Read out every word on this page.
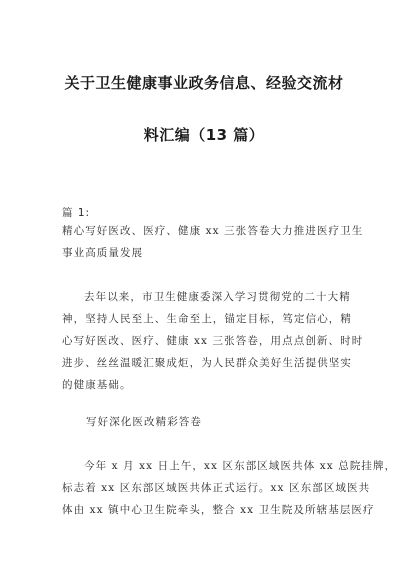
关于卫生健康事业政务信息、经验交流材
料汇编（13 篇）
篇 1:
精心写好医改、医疗、健康 xx 三张答卷大力推进医疗卫生
事业高质量发展
去年以来，市卫生健康委深入学习贯彻党的二十大精
神，坚持人民至上、生命至上，锚定目标，笃定信心，精
心写好医改、医疗、健康 xx 三张答卷，用点点创新、时时
进步、丝丝温暖汇聚成炬，为人民群众美好生活提供坚实
的健康基础。
写好深化医改精彩答卷
今年 x 月 xx 日上午，xx 区东部区域医共体 xx 总院挂牌，
标志着 xx 区东部区域医共体正式运行。xx 区东部区域医共
体由 xx 镇中心卫生院牵头，整合 xx 卫生院及所辖基层医疗
